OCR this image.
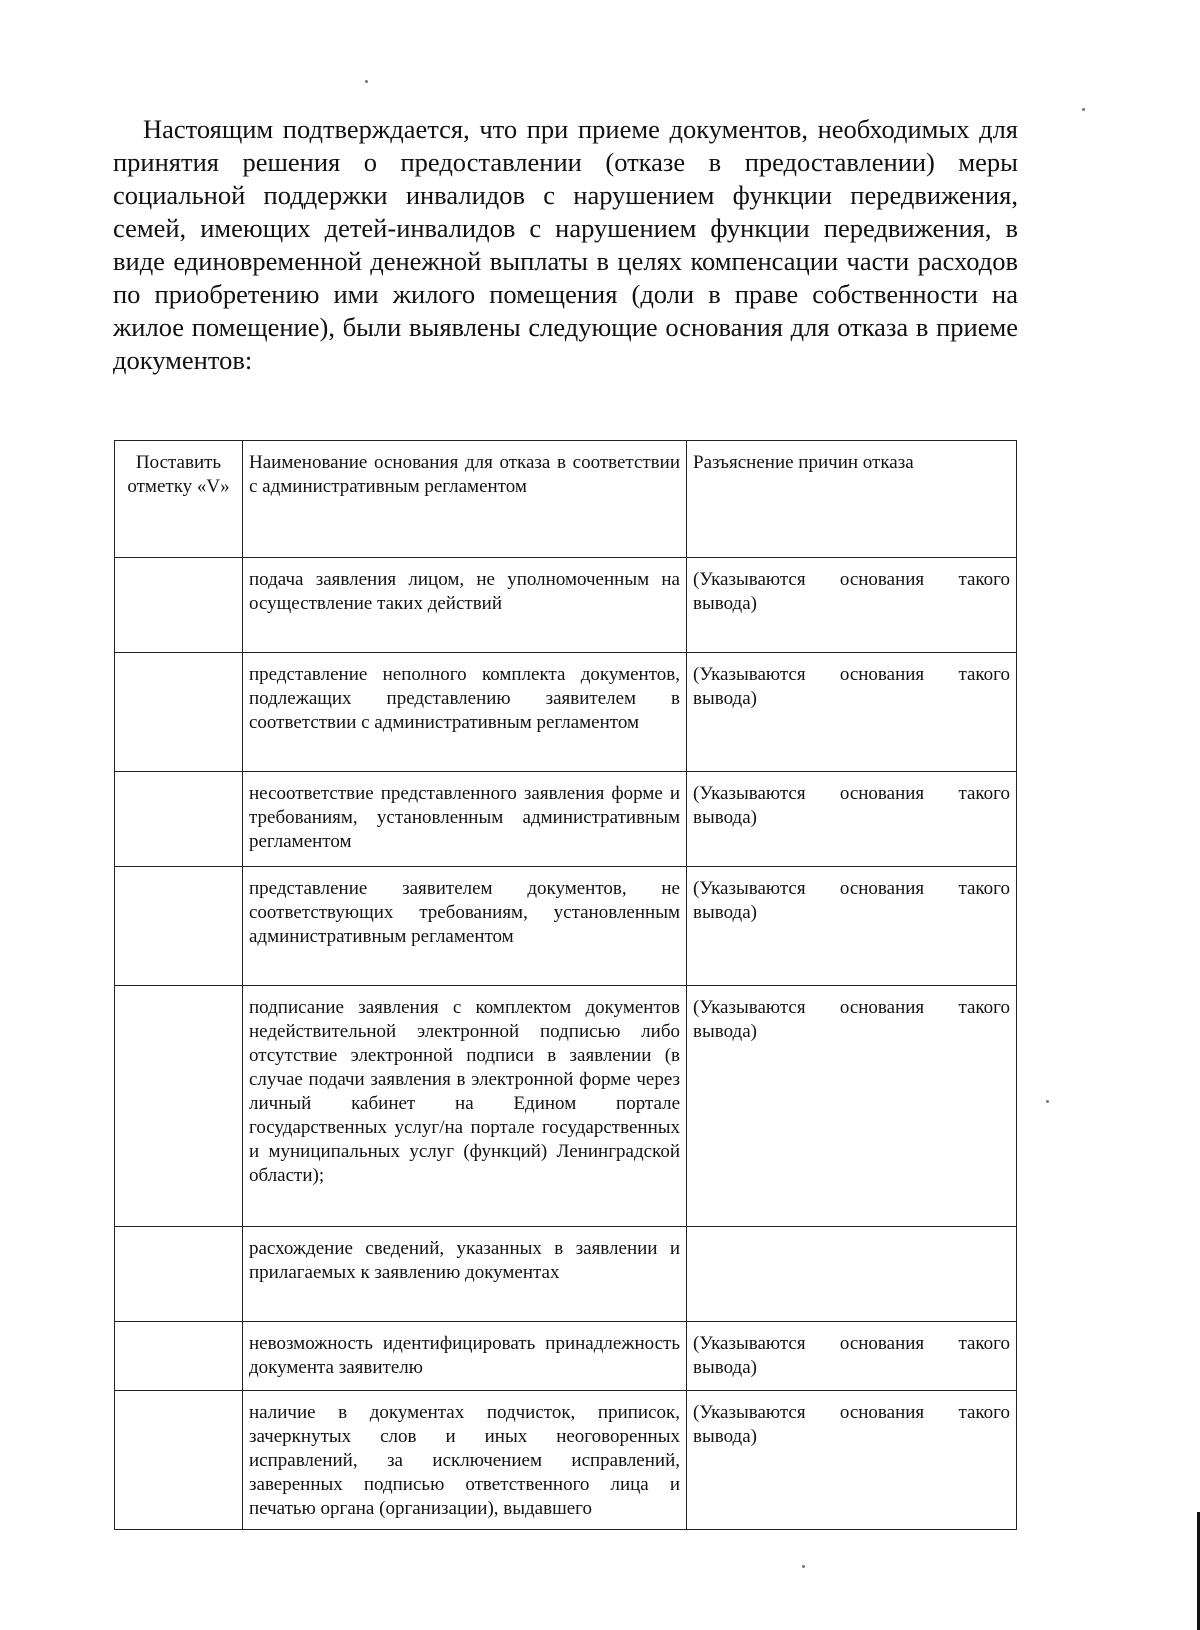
Настоящим подтверждается, что при приеме документов, необходимых для принятия решения о предоставлении (отказе в предоставлении) меры социальной поддержки инвалидов с нарушением функции передвижения, семей, имеющих детей-инвалидов с нарушением функции передвижения, в виде единовременной денежной выплаты в целях компенсации части расходов по приобретению ими жилого помещения (доли в праве собственности на жилое помещение), были выявлены следующие основания для отказа в приеме документов:

Поставить отметку «V»	Наименование основания для отказа в соответствии с административным регламентом	Разъяснение причин отказа
	подача заявления лицом, не уполномоченным на осуществление таких действий	(Указываются основания такого вывода)
	представление неполного комплекта документов, подлежащих представлению заявителем в соответствии с административным регламентом	(Указываются основания такого вывода)
	несоответствие представленного заявления форме и требованиям, установленным административным регламентом	(Указываются основания такого вывода)
	представление заявителем документов, не соответствующих требованиям, установленным административным регламентом	(Указываются основания такого вывода)
	подписание заявления с комплектом документов недействительной электронной подписью либо отсутствие электронной подписи в заявлении (в случае подачи заявления в электронной форме через личный кабинет на Едином портале государственных услуг/на портале государственных и муниципальных услуг (функций) Ленинградской области);	(Указываются основания такого вывода)
	расхождение сведений, указанных в заявлении и прилагаемых к заявлению документах	
	невозможность идентифицировать принадлежность документа заявителю	(Указываются основания такого вывода)
	наличие в документах подчисток, приписок, зачеркнутых слов и иных неоговоренных исправлений, за исключением исправлений, заверенных подписью ответственного лица и печатью органа (организации), выдавшего	(Указываются основания такого вывода)
